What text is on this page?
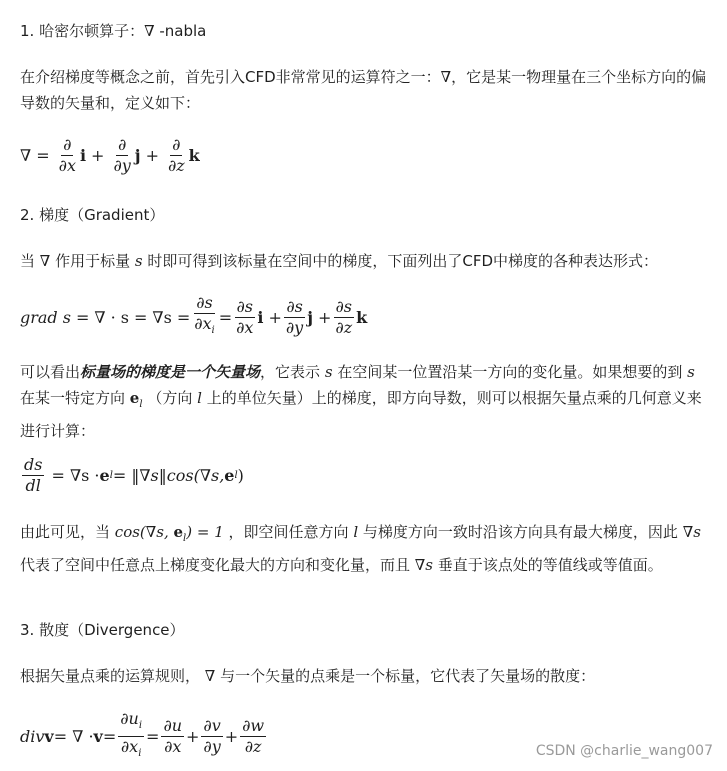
1. 哈密尔顿算子：∇ -nabla
在介绍梯度等概念之前，首先引入CFD非常常见的运算符之一：∇，它是某一物理量在三个坐标方向的偏导数的矢量和，定义如下：
∇ = $\frac{\partial}{\partial x}$ $i + \frac{\partial}{\partial y}$ $j + \frac{\partial}{\partial z}$ k
2. 梯度（Gradient）
当 ∇ 作用于标量 s 时即可得到该标量在空间中的梯度，下面列出了CFD中梯度的各种表达形式：
grad s = ∇ · $s = \nabla s = \frac{\partial s}{\partial x_i} = \frac{\partial s}{\partial x}$ $i + \frac{\partial s}{\partial y}$ $j + \frac{\partial s}{\partial z}$ k
可以看出标量场的梯度是一个矢量场，它表示 s 在空间某一位置沿某一方向的变化量。如果想要的到 s 在某一特定方向 $e_l$ （方向 l 上的单位矢量）上的梯度，即方向导数，则可以根据矢量点乘的几何意义来进行计算：
$\frac{ds}{dl} = \nabla s \cdot e$ l = ‖∇s‖cos(∇s, e l )
由此可见，当 cos(∇s, $e_l) = 1$ ，即空间任意方向 l 与梯度方向一致时沿该方向具有最大梯度，因此 ∇s 代表了空间中任意点上梯度变化最大的方向和变化量，而且 ∇s 垂直于该点处的等值线或等值面。
3. 散度（Divergence）
根据矢量点乘的运算规则， ∇ 与一个矢量的点乘是一个标量，它代表了矢量场的散度：
div v = ∇ · $v = \frac{\partial u_i}{\partial x_i} = \frac{\partial u}{\partial x} + \frac{\partial v}{\partial y} + \frac{\partial w}{\partial z}$	CSDN @charlie_wang007
